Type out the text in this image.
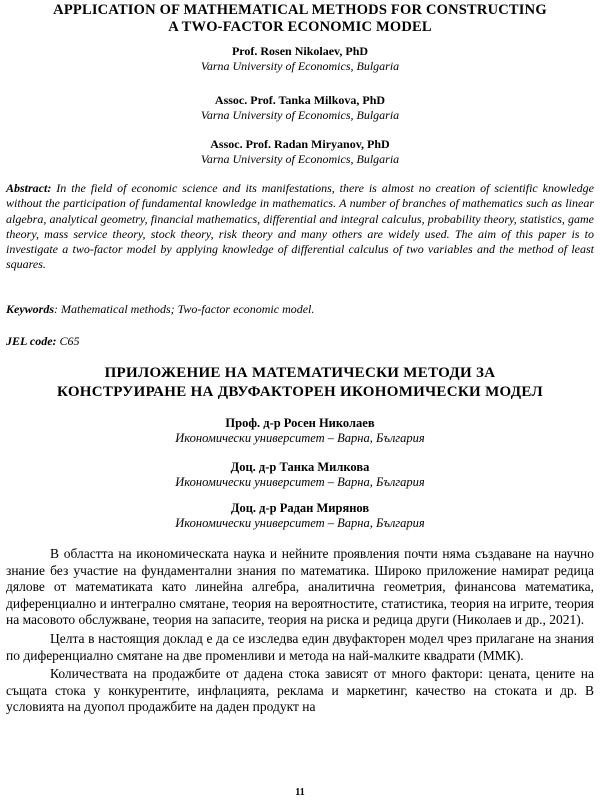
APPLICATION OF MATHEMATICAL METHODS FOR CONSTRUCTING
A TWO-FACTOR ECONOMIC MODEL
Prof. Rosen Nikolaev, PhD
Varna University of Economics, Bulgaria
Assoc. Prof. Tanka Milkova, PhD
Varna University of Economics, Bulgaria
Assoc. Prof. Radan Miryanov, PhD
Varna University of Economics, Bulgaria
Abstract: In the field of economic science and its manifestations, there is almost no creation of scientific knowledge without the participation of fundamental knowledge in mathematics. A number of branches of mathematics such as linear algebra, analytical geometry, financial mathematics, differential and integral calculus, probability theory, statistics, game theory, mass service theory, stock theory, risk theory and many others are widely used. The aim of this paper is to investigate a two-factor model by applying knowledge of differential calculus of two variables and the method of least squares.
Keywords: Mathematical methods; Two-factor economic model.
JEL code: C65
ПРИЛОЖЕНИЕ НА МАТЕМАТИЧЕСКИ МЕТОДИ ЗА
КОНСТРУИРАНЕ НА ДВУФАКТОРЕН ИКОНОМИЧЕСКИ МОДЕЛ
Проф. д-р Росен Николаев
Икономически университет – Варна, България
Доц. д-р Танка Милкова
Икономически университет – Варна, България
Доц. д-р Радан Миряно​в
Икономически университет – Варна, България

В областта на икономическата наука и нейните проявления почти няма създаване на научно знание без участие на фундаментални знания по математика. Широко приложение намират редица дялове от математиката като линейна алгебра, аналитична геометрия, финансова математика, диференциално и интегрално смятане, теория на вероятностите, статистика, теория на игрите, теория на масовото обслужване, теория на запасите, теория на риска и редица други (Николаев и др., 2021).

Целта в настоящия доклад е да се изследва един двуфакторен модел чрез прилагане на знания по диференциално смятане на две променливи и метода на най-малките квадрати (ММК).

Количествата на продажбите от дадена стока зависят от много фактори: цената, цените на същата стока у конкурентите, инфлацията, реклама и маркетинг, качество на стоката и др. В условията на дуопол продажбите на даден продукт на

11
